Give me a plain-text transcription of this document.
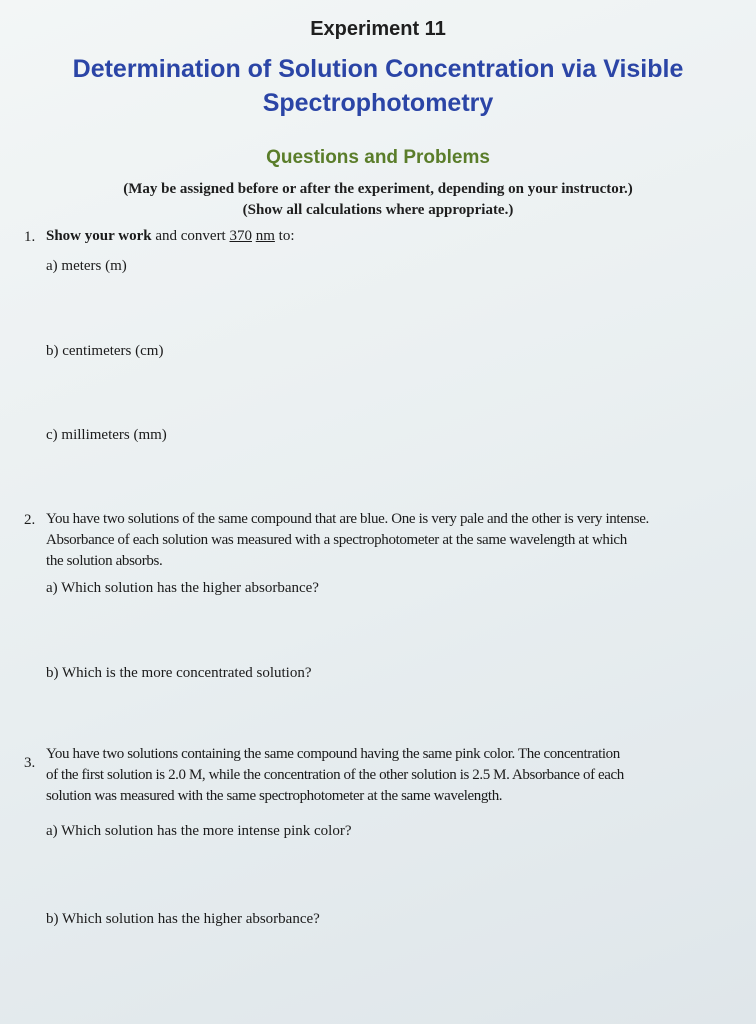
Experiment 11
Determination of Solution Concentration via Visible
Spectrophotometry
Questions and Problems
(May be assigned before or after the experiment, depending on your instructor.)
(Show all calculations where appropriate.)
1. Show your work and convert 370 nm to:
a) meters (m)
b) centimeters (cm)
c) millimeters (mm)
2. You have two solutions of the same compound that are blue. One is very pale and the other is very intense.
Absorbance of each solution was measured with a spectrophotometer at the same wavelength at which
the solution absorbs.
a) Which solution has the higher absorbance?
b) Which is the more concentrated solution?
3.
You have two solutions containing the same compound having the same pink color. The concentration
of the first solution is 2.0 M, while the concentration of the other solution is 2.5 M. Absorbance of each
solution was measured with the same spectrophotometer at the same wavelength.
a) Which solution has the more intense pink color?
b) Which solution has the higher absorbance?
